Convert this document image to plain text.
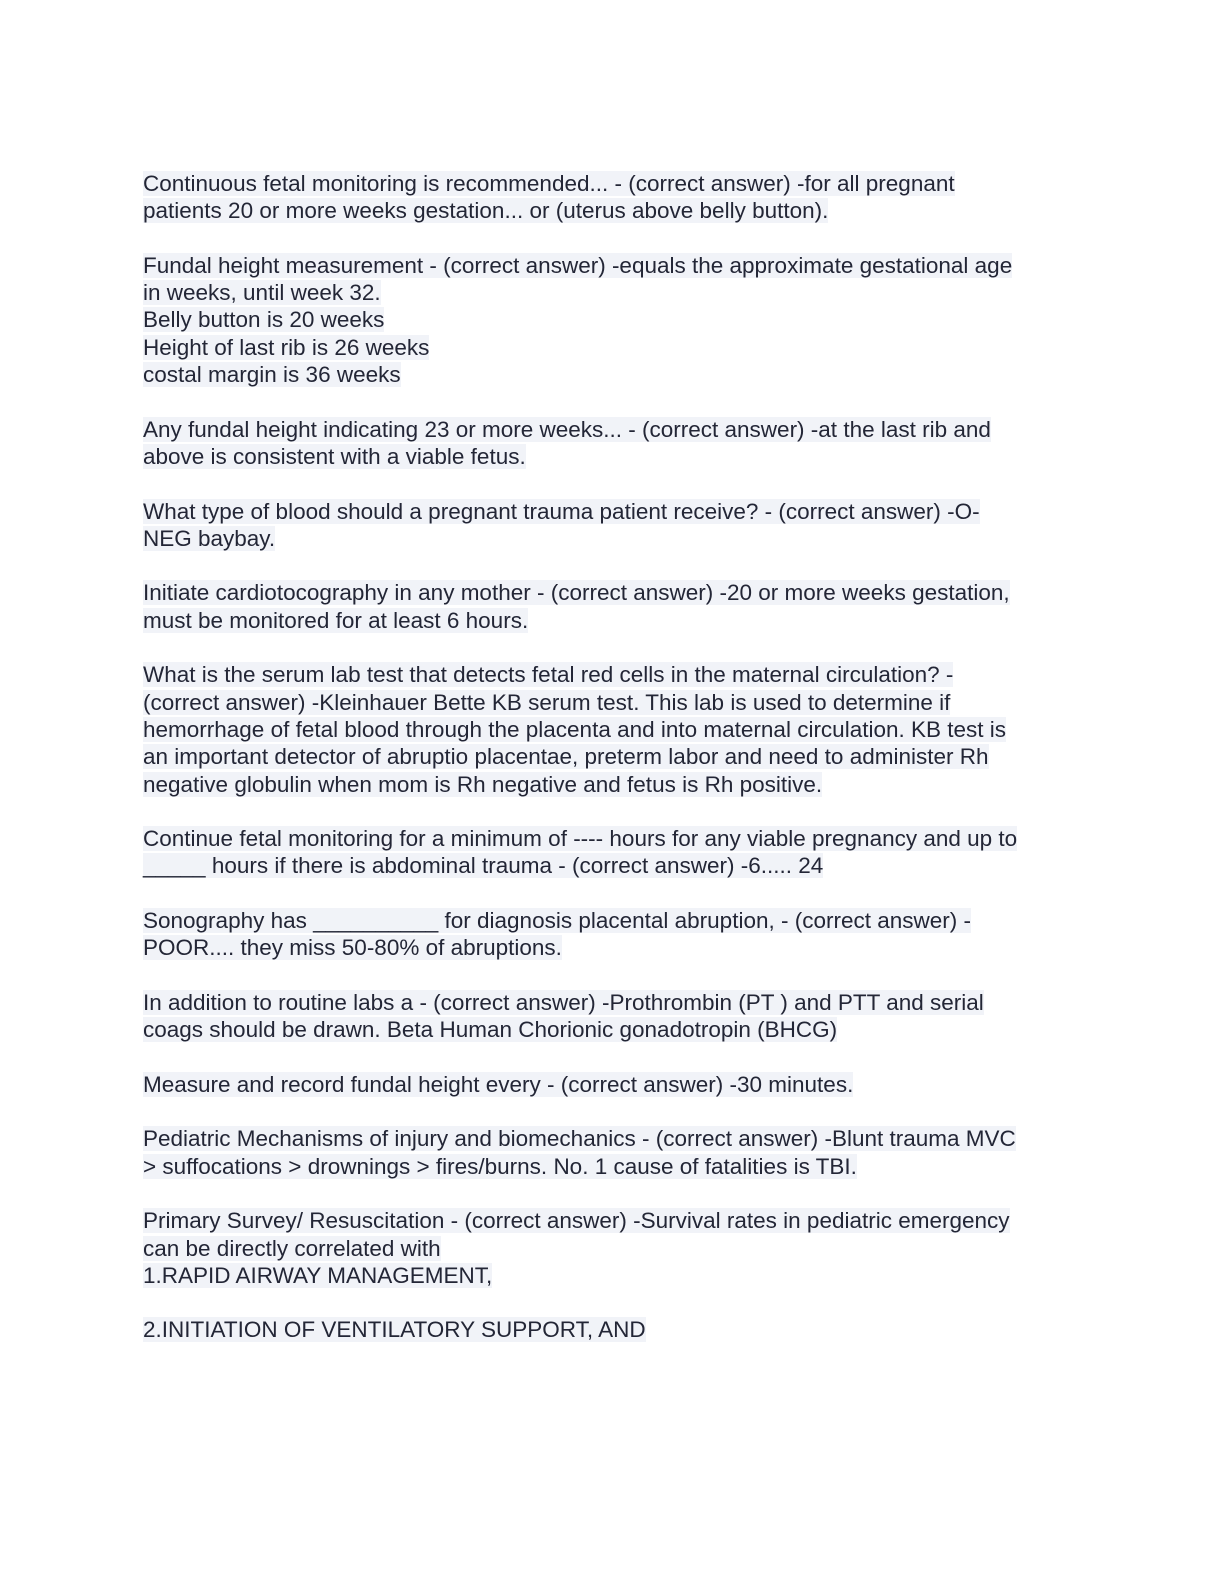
Continuous fetal monitoring is recommended... - (correct answer) -for all pregnant
patients 20 or more weeks gestation... or (uterus above belly button).
Fundal height measurement - (correct answer) -equals the approximate gestational age
in weeks, until week 32.
Belly button is 20 weeks
Height of last rib is 26 weeks
costal margin is 36 weeks
Any fundal height indicating 23 or more weeks... - (correct answer) -at the last rib and
above is consistent with a viable fetus.
What type of blood should a pregnant trauma patient receive? - (correct answer) -O-
NEG baybay.
Initiate cardiotocography in any mother - (correct answer) -20 or more weeks gestation,
must be monitored for at least 6 hours.
What is the serum lab test that detects fetal red cells in the maternal circulation? -
(correct answer) -Kleinhauer Bette KB serum test. This lab is used to determine if
hemorrhage of fetal blood through the placenta and into maternal circulation. KB test is
an important detector of abruptio placentae, preterm labor and need to administer Rh
negative globulin when mom is Rh negative and fetus is Rh positive.
Continue fetal monitoring for a minimum of ---- hours for any viable pregnancy and up to
_____ hours if there is abdominal trauma - (correct answer) -6..... 24
Sonography has __________ for diagnosis placental abruption, - (correct answer) -
POOR.... they miss 50-80% of abruptions.
In addition to routine labs a - (correct answer) -Prothrombin (PT ) and PTT and serial
coags should be drawn. Beta Human Chorionic gonadotropin (BHCG)
Measure and record fundal height every - (correct answer) -30 minutes.
Pediatric Mechanisms of injury and biomechanics - (correct answer) -Blunt trauma MVC
> suffocations > drownings > fires/burns. No. 1 cause of fatalities is TBI.
Primary Survey/ Resuscitation - (correct answer) -Survival rates in pediatric emergency
can be directly correlated with
1.RAPID AIRWAY MANAGEMENT,
2.INITIATION OF VENTILATORY SUPPORT, AND
